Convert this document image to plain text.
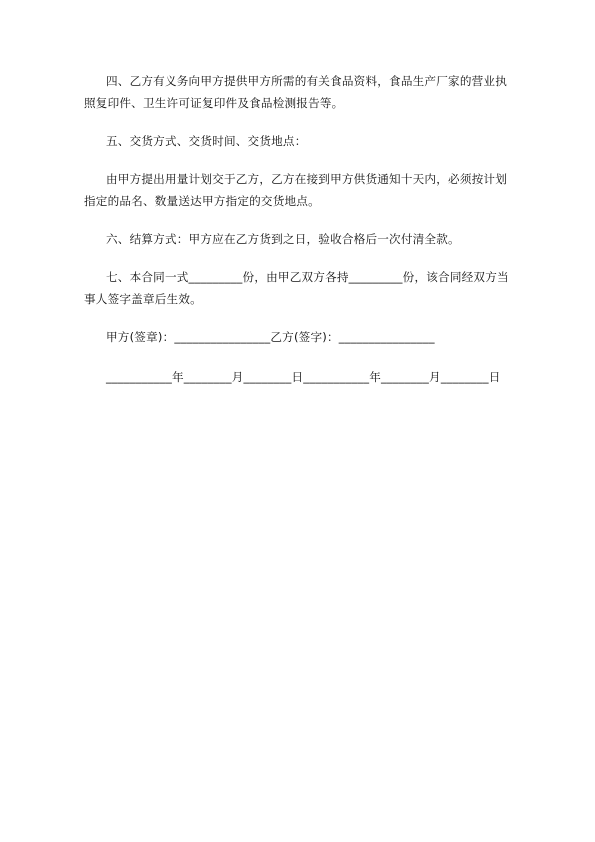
四、乙方有义务向甲方提供甲方所需的有关食品资料，食品生产厂家的营业执照复印件、卫生许可证复印件及食品检测报告等。

五、交货方式、交货时间、交货地点：

由甲方提出用量计划交于乙方，乙方在接到甲方供货通知十天内，必须按计划指定的品名、数量送达甲方指定的交货地点。

六、结算方式：甲方应在乙方货到之日，验收合格后一次付清全款。

七、本合同一式_________份，由甲乙双方各持_________份，该合同经双方当事人签字盖章后生效。

甲方(签章)：________________乙方(签字)：________________

___________年________月________日___________年________月________日
